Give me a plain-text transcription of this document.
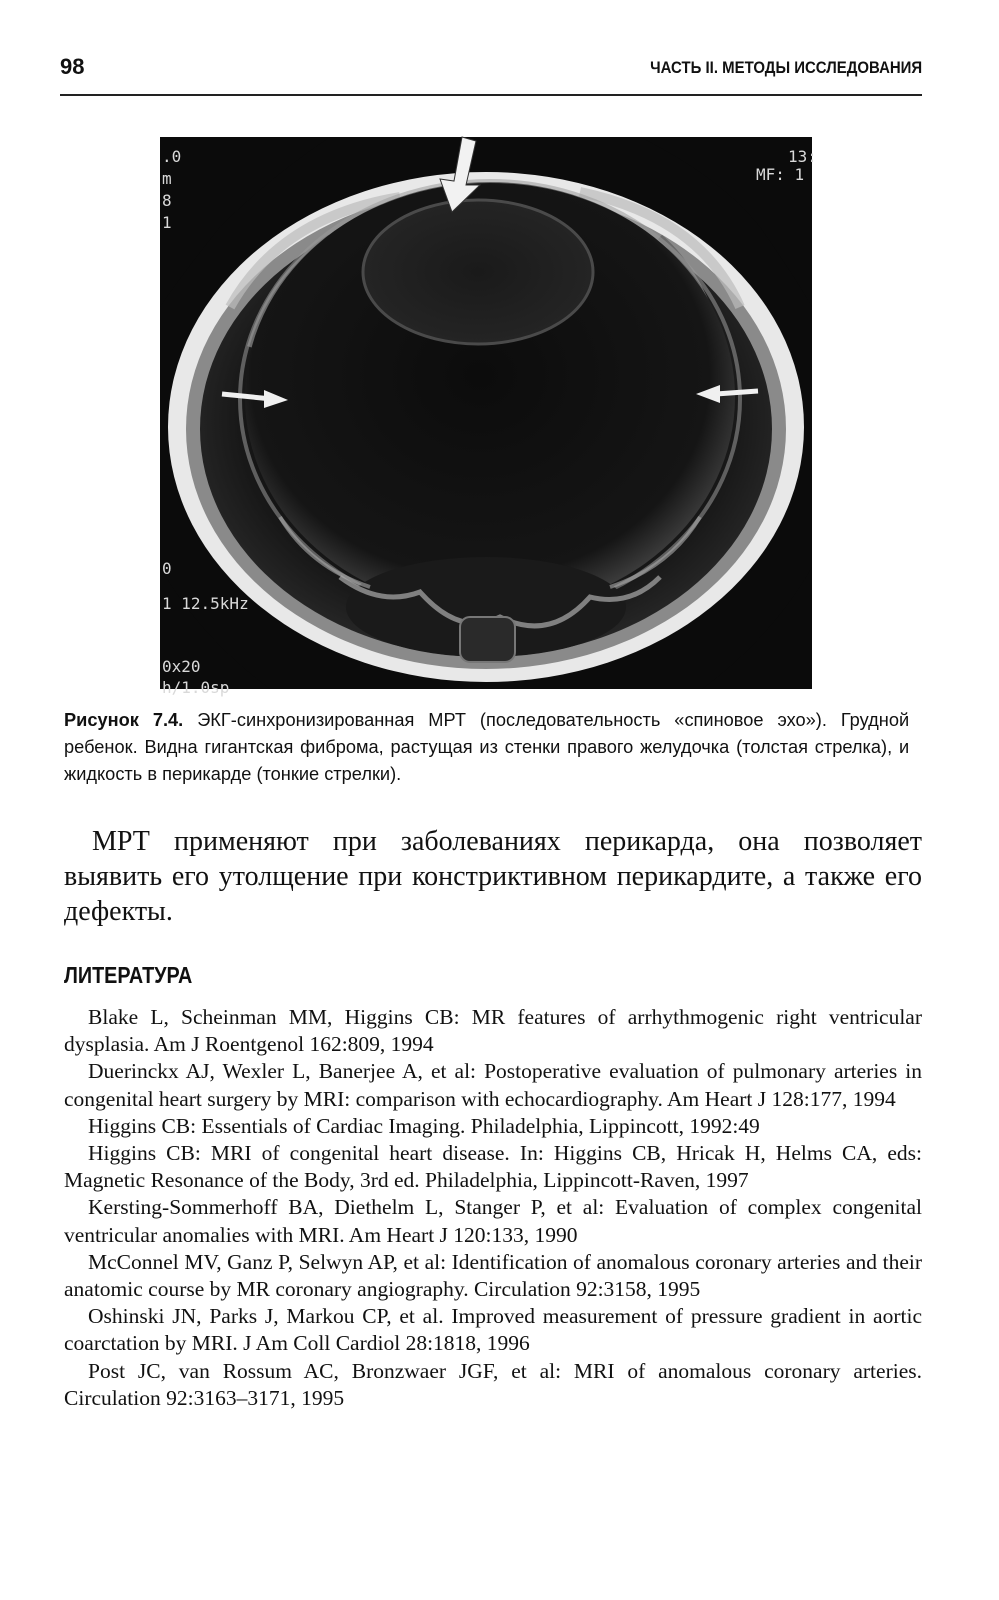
98	ЧАСТЬ II. МЕТОДЫ ИССЛЕДОВАНИЯ
.0
m
8
1
13:
MF: 1
0
1 12.5kHz
0x20
h/1.0sp
Рисунок 7.4. ЭКГ-синхронизированная МРТ (последовательность «спиновое эхо»). Грудной ребенок. Видна гигантская фиброма, растущая из стенки правого желудочка (толстая стрелка), и жидкость в перикарде (тонкие стрелки).
МРТ применяют при заболеваниях перикарда, она позволяет выявить его утолщение при констриктивном перикардите, а также его дефекты.
ЛИТЕРАТУРА
Blake L, Scheinman MM, Higgins CB: MR features of arrhythmogenic right ventricular dysplasia. Am J Roentgenol 162:809, 1994
Duerinckx AJ, Wexler L, Banerjee A, et al: Postoperative evaluation of pulmonary arteries in congenital heart surgery by MRI: comparison with echocardiography. Am Heart J 128:177, 1994
Higgins CB: Essentials of Cardiac Imaging. Philadelphia, Lippincott, 1992:49
Higgins CB: MRI of congenital heart disease. In: Higgins CB, Hricak H, Helms CA, eds: Magnetic Resonance of the Body, 3rd ed. Philadelphia, Lippincott-Raven, 1997
Kersting-Sommerhoff BA, Diethelm L, Stanger P, et al: Evaluation of complex congenital ventricular anomalies with MRI. Am Heart J 120:133, 1990
McConnel MV, Ganz P, Selwyn AP, et al: Identification of anomalous coronary arteries and their anatomic course by MR coronary angiography. Circulation 92:3158, 1995
Oshinski JN, Parks J, Markou CP, et al. Improved measurement of pressure gradient in aortic coarctation by MRI. J Am Coll Cardiol 28:1818, 1996
Post JC, van Rossum AC, Bronzwaer JGF, et al: MRI of anomalous coronary arteries. Circulation 92:3163–3171, 1995
